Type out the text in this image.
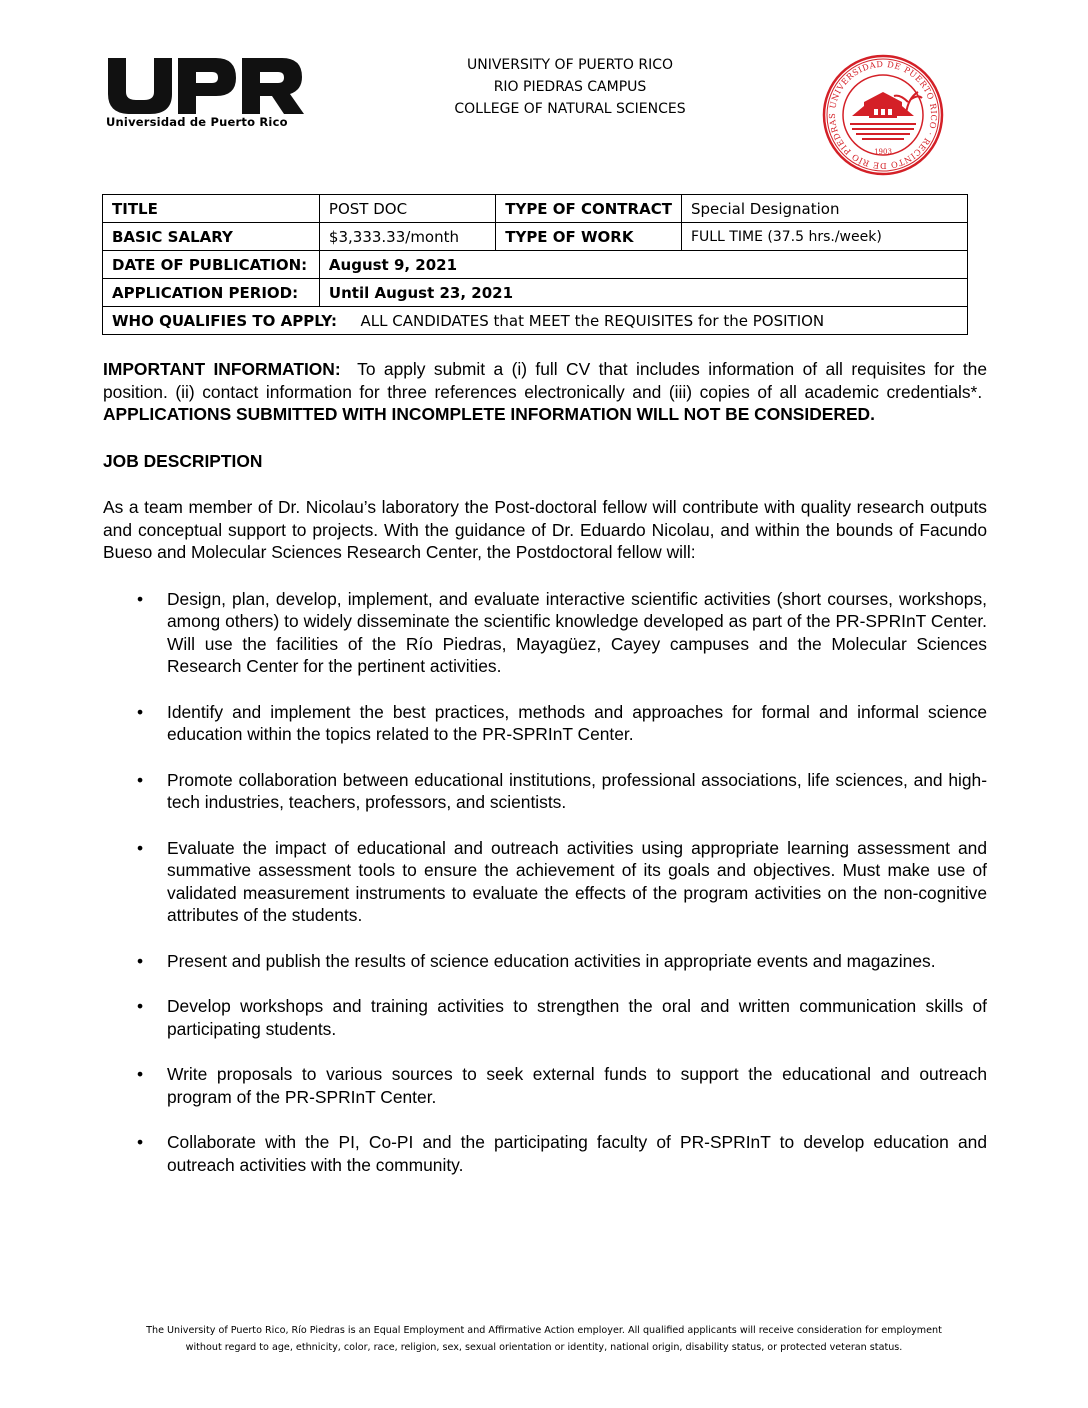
Universidad de Puerto Rico
UNIVERSITY OF PUERTO RICO
RIO PIEDRAS CAMPUS
COLLEGE OF NATURAL SCIENCES	UNIVERSIDAD DE PUERTO RICO · RECINTO DE RÍO PIEDRAS
1903
TITLE	POST DOC	TYPE OF CONTRACT	Special Designation
BASIC SALARY	$3,333.33/month	TYPE OF WORK	FULL TIME (37.5 hrs./week)
DATE OF PUBLICATION:	August 9, 2021		
APPLICATION PERIOD:	Until August 23, 2021		
WHO QUALIFIES TO APPLY: ALL CANDIDATES that MEET the REQUISITES for the POSITION			

IMPORTANT INFORMATION: To apply submit a (i) full CV that includes information of all requisites for the position. (ii) contact information for three references electronically and (iii) copies of all academic credentials*.  APPLICATIONS SUBMITTED WITH INCOMPLETE INFORMATION WILL NOT BE CONSIDERED.

JOB DESCRIPTION

As a team member of Dr. Nicolau’s laboratory the Post-doctoral fellow will contribute with quality research outputs and conceptual support to projects. With the guidance of Dr. Eduardo Nicolau, and within the bounds of Facundo Bueso and Molecular Sciences Research Center, the Postdoctoral fellow will:

• Design, plan, develop, implement, and evaluate interactive scientific activities (short courses, workshops, among others) to widely disseminate the scientific knowledge developed as part of the PR-SPRInT Center. Will use the facilities of the Río Piedras, Mayagüez, Cayey campuses and the Molecular Sciences Research Center for the pertinent activities.
• Identify and implement the best practices, methods and approaches for formal and informal science education within the topics related to the PR-SPRInT Center.
• Promote collaboration between educational institutions, professional associations, life sciences, and high-tech industries, teachers, professors, and scientists.
• Evaluate the impact of educational and outreach activities using appropriate learning assessment and summative assessment tools to ensure the achievement of its goals and objectives. Must make use of validated measurement instruments to evaluate the effects of the program activities on the non-cognitive attributes of the students.
• Present and publish the results of science education activities in appropriate events and magazines.
• Develop workshops and training activities to strengthen the oral and written communication skills of participating students.
• Write proposals to various sources to seek external funds to support the educational and outreach program of the PR-SPRInT Center.
• Collaborate with the PI, Co-PI and the participating faculty of PR-SPRInT to develop education and outreach activities with the community.
The University of Puerto Rico, Río Piedras is an Equal Employment and Affirmative Action employer. All qualified applicants will receive consideration for employment
without regard to age, ethnicity, color, race, religion, sex, sexual orientation or identity, national origin, disability status, or protected veteran status.
